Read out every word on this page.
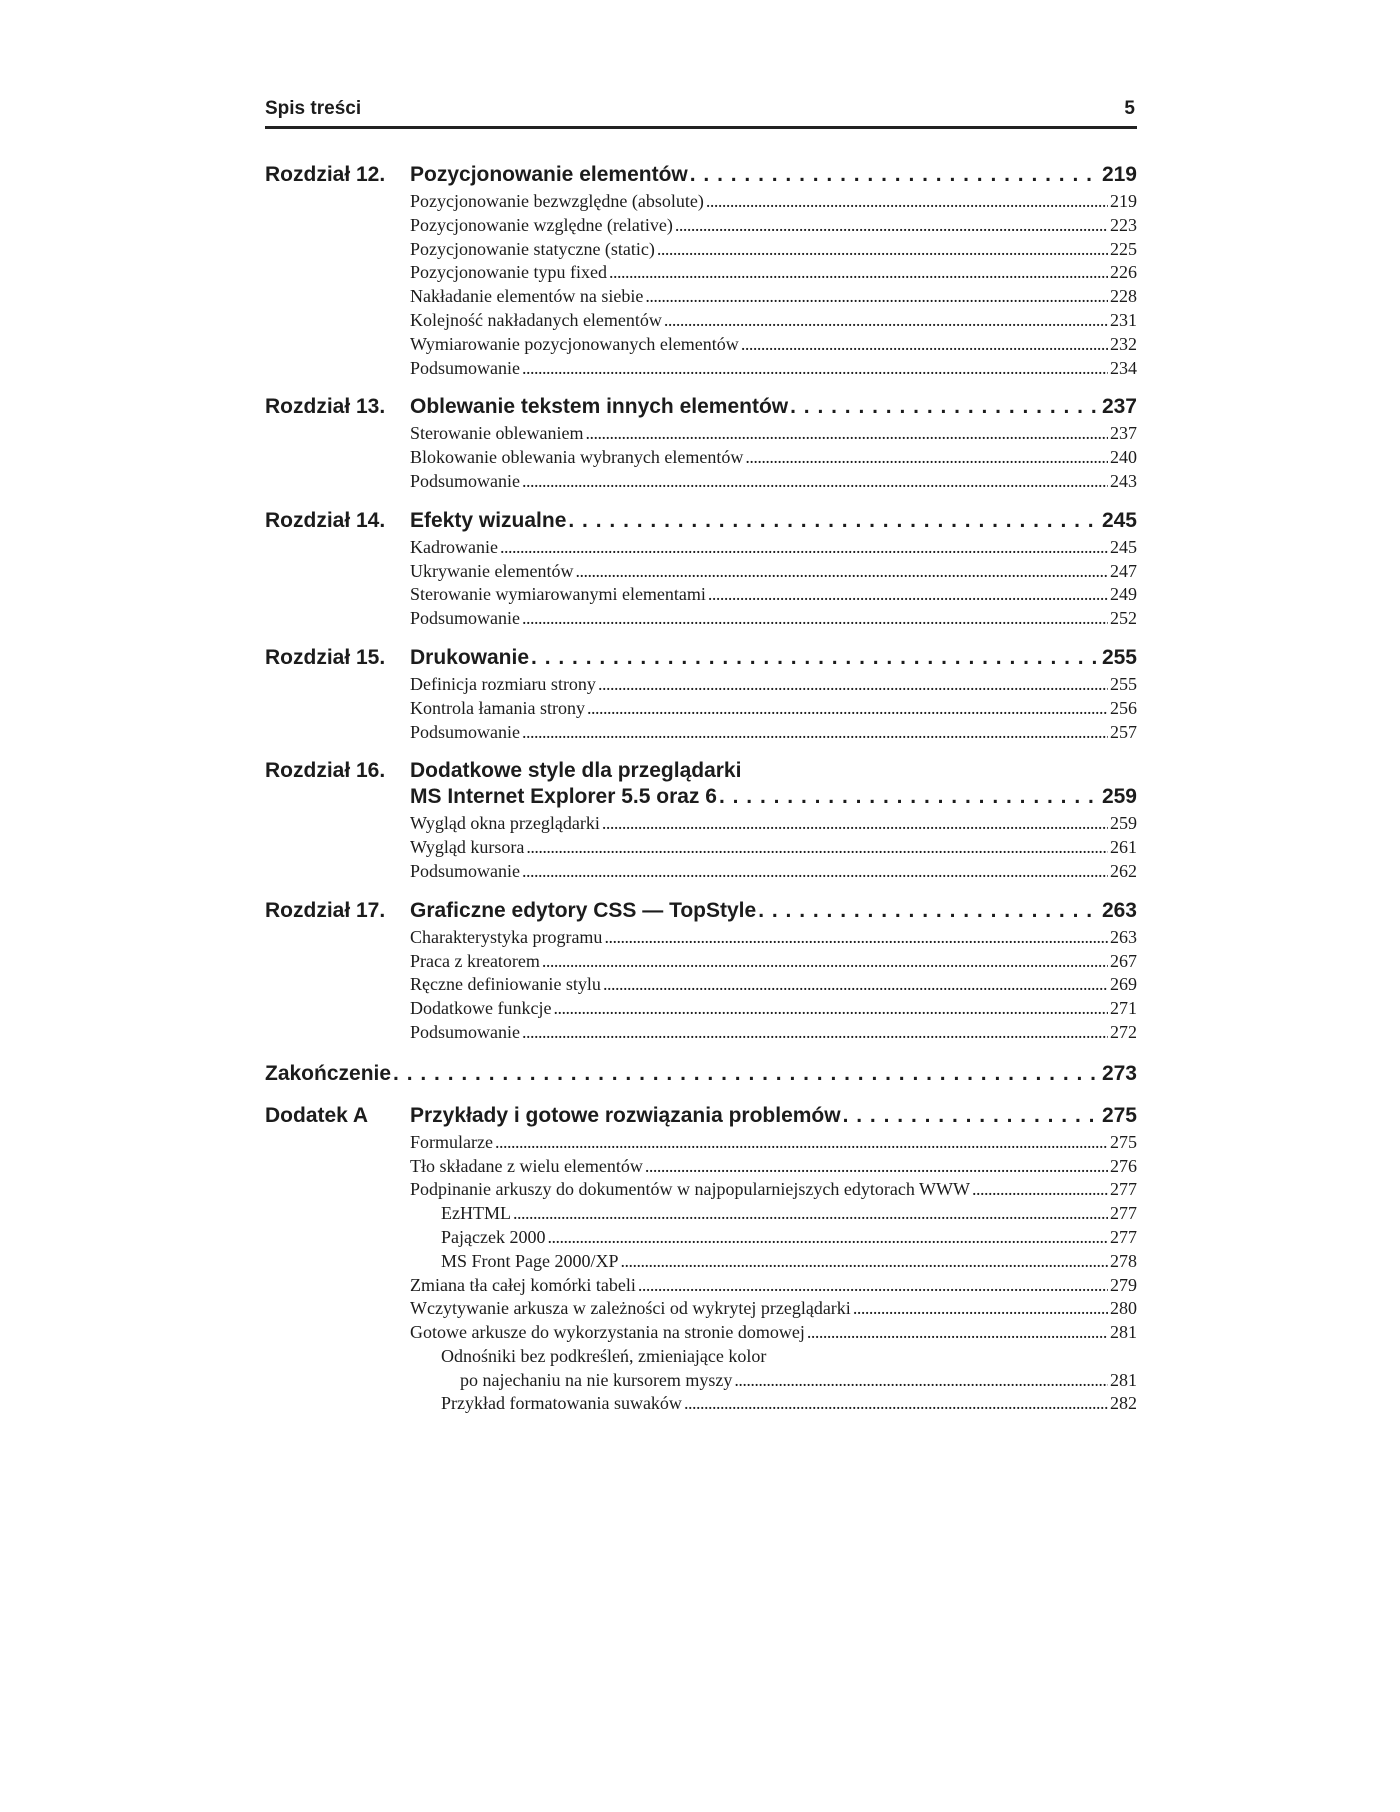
Spis treści	5
Rozdział 12. Pozycjonowanie elementów . . .	219
Pozycjonowanie bezwzględne (absolute) . . .	219
Pozycjonowanie względne (relative) . . .	223
Pozycjonowanie statyczne (static) . . .	225
Pozycjonowanie typu fixed . . .	226
Nakładanie elementów na siebie . . .	228
Kolejność nakładanych elementów . . .	231
Wymiarowanie pozycjonowanych elementów . . .	232
Podsumowanie . . .	234
Rozdział 13. Oblewanie tekstem innych elementów . . .	237
Sterowanie oblewaniem . . .	237
Blokowanie oblewania wybranych elementów . . .	240
Podsumowanie . . .	243
Rozdział 14. Efekty wizualne . . .	245
Kadrowanie . . .	245
Ukrywanie elementów . . .	247
Sterowanie wymiarowanymi elementami . . .	249
Podsumowanie . . .	252
Rozdział 15. Drukowanie . . .	255
Definicja rozmiaru strony . . .	255
Kontrola łamania strony . . .	256
Podsumowanie . . .	257
Rozdział 16. Dodatkowe style dla przeglądarki
MS Internet Explorer 5.5 oraz 6 . . .	259
Wygląd okna przeglądarki . . .	259
Wygląd kursora . . .	261
Podsumowanie . . .	262
Rozdział 17. Graficzne edytory CSS — TopStyle . . .	263
Charakterystyka programu . . .	263
Praca z kreatorem . . .	267
Ręczne definiowanie stylu . . .	269
Dodatkowe funkcje . . .	271
Podsumowanie . . .	272
Zakończenie . . .	273
Dodatek A Przykłady i gotowe rozwiązania problemów . . .	275
Formularze . . .	275
Tło składane z wielu elementów . . .	276
Podpinanie arkuszy do dokumentów w najpopularniejszych edytorach WWW . . .	277
EzHTML . . .	277
Pajączek 2000 . . .	277
MS Front Page 2000/XP . . .	278
Zmiana tła całej komórki tabeli . . .	279
Wczytywanie arkusza w zależności od wykrytej przeglądarki . . .	280
Gotowe arkusze do wykorzystania na stronie domowej . . .	281
Odnośniki bez podkreśleń, zmieniające kolor
po najechaniu na nie kursorem myszy . . .	281
Przykład formatowania suwaków . . .	282
